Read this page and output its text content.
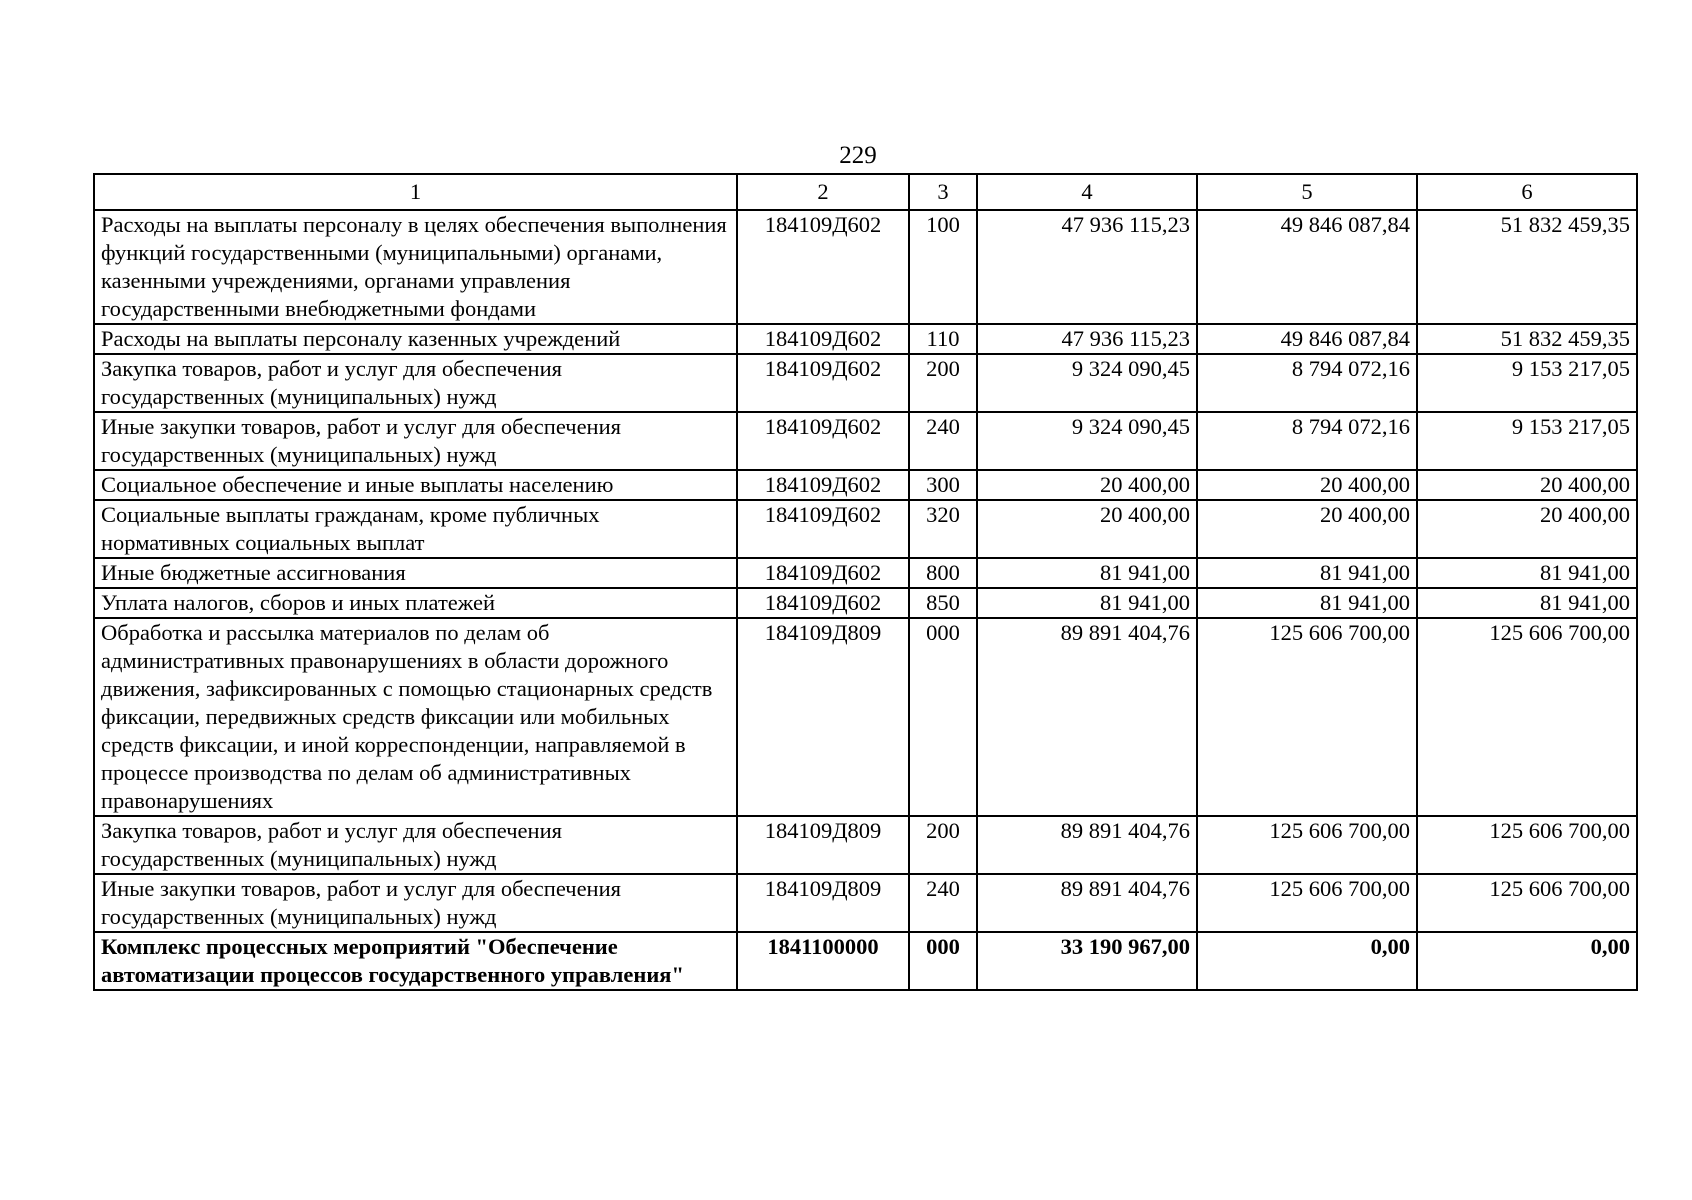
229
1	2	3	4	5	6
Расходы на выплаты персоналу в целях обеспечения выполнения функций государственными (муниципальными) органами, казенными учреждениями, органами управления государственными внебюджетными фондами	184109Д602	100	47 936 115,23	49 846 087,84	51 832 459,35
Расходы на выплаты персоналу казенных учреждений	184109Д602	110	47 936 115,23	49 846 087,84	51 832 459,35
Закупка товаров, работ и услуг для обеспечения государственных (муниципальных) нужд	184109Д602	200	9 324 090,45	8 794 072,16	9 153 217,05
Иные закупки товаров, работ и услуг для обеспечения государственных (муниципальных) нужд	184109Д602	240	9 324 090,45	8 794 072,16	9 153 217,05
Социальное обеспечение и иные выплаты населению	184109Д602	300	20 400,00	20 400,00	20 400,00
Социальные выплаты гражданам, кроме публичных нормативных социальных выплат	184109Д602	320	20 400,00	20 400,00	20 400,00
Иные бюджетные ассигнования	184109Д602	800	81 941,00	81 941,00	81 941,00
Уплата налогов, сборов и иных платежей	184109Д602	850	81 941,00	81 941,00	81 941,00
Обработка и рассылка материалов по делам об административных правонарушениях в области дорожного движения, зафиксированных с помощью стационарных средств фиксации, передвижных средств фиксации или мобильных средств фиксации, и иной корреспонденции, направляемой в процессе производства по делам об административных правонарушениях	184109Д809	000	89 891 404,76	125 606 700,00	125 606 700,00
Закупка товаров, работ и услуг для обеспечения государственных (муниципальных) нужд	184109Д809	200	89 891 404,76	125 606 700,00	125 606 700,00
Иные закупки товаров, работ и услуг для обеспечения государственных (муниципальных) нужд	184109Д809	240	89 891 404,76	125 606 700,00	125 606 700,00
Комплекс процессных мероприятий "Обеспечение автоматизации процессов государственного управления"	1841100000	000	33 190 967,00	0,00	0,00
